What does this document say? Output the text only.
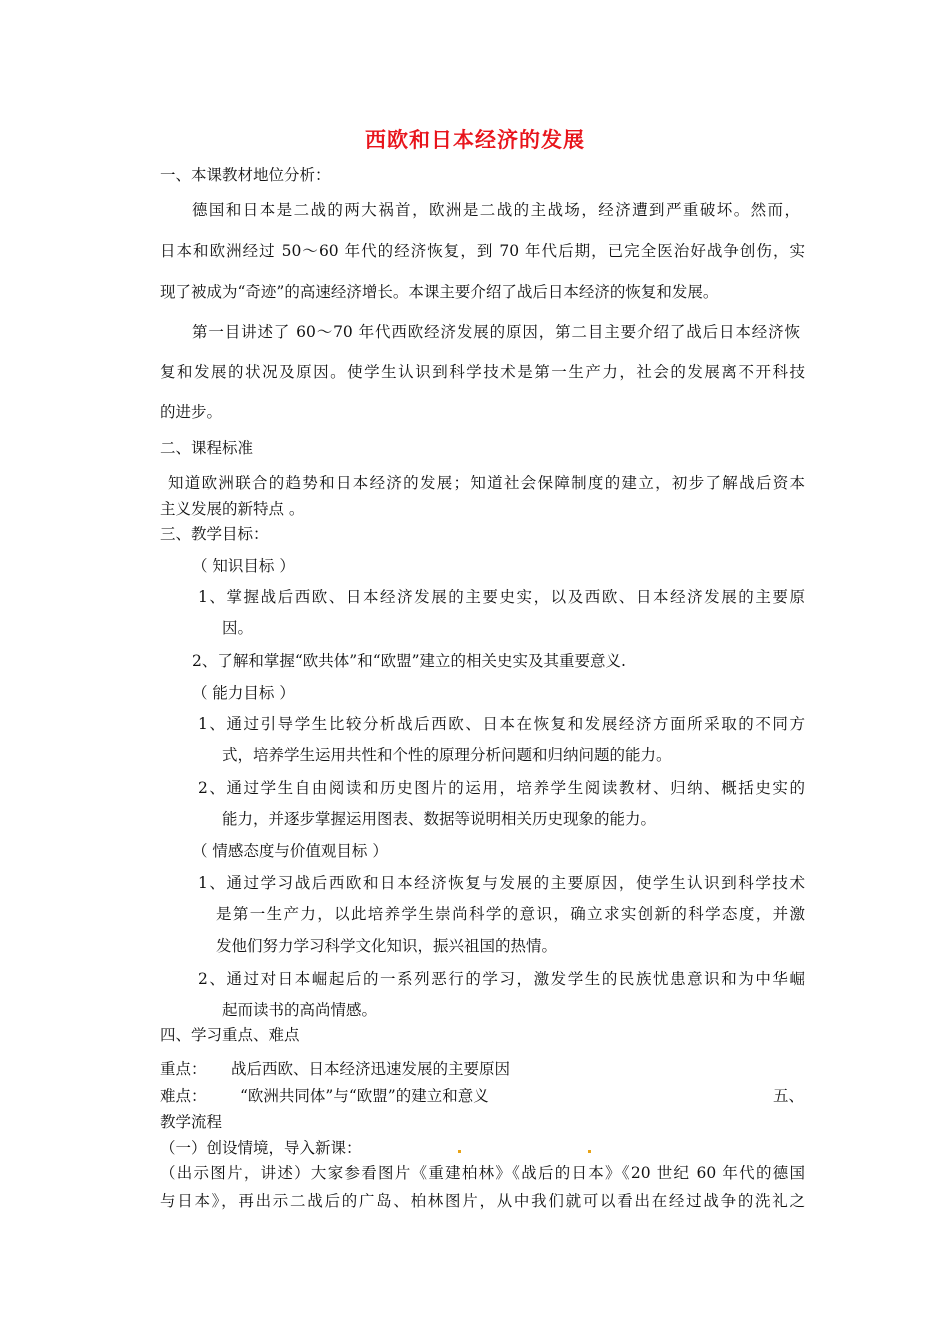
西欧和日本经济的发展
一、本课教材地位分析：
德国和日本是二战的两大祸首，欧洲是二战的主战场，经济遭到严重破坏。然而，
日本和欧洲经过 50～60 年代的经济恢复，到 70 年代后期，已完全医治好战争创伤，实
现了被成为“奇迹”的高速经济增长。本课主要介绍了战后日本经济的恢复和发展。
第一目讲述了 60～70 年代西欧经济发展的原因，第二目主要介绍了战后日本经济恢
复和发展的状况及原因。使学生认识到科学技术是第一生产力，社会的发展离不开科技
的进步。
二、课程标准
知道欧洲联合的趋势和日本经济的发展；知道社会保障制度的建立，初步了解战后资本
主义发展的新特点 。
三、教学目标：
（ 知识目标 ）
1、掌握战后西欧、日本经济发展的主要史实，以及西欧、日本经济发展的主要原
因。
2、了解和掌握“欧共体”和“欧盟”建立的相关史实及其重要意义.
（ 能力目标 ）
1、通过引导学生比较分析战后西欧、日本在恢复和发展经济方面所采取的不同方
式，培养学生运用共性和个性的原理分析问题和归纳问题的能力。
2、通过学生自由阅读和历史图片的运用，培养学生阅读教材、归纳、概括史实的
能力，并逐步掌握运用图表、数据等说明相关历史现象的能力。
（ 情感态度与价值观目标 ）
1、通过学习战后西欧和日本经济恢复与发展的主要原因，使学生认识到科学技术
是第一生产力，以此培养学生崇尚科学的意识，确立求实创新的科学态度，并激
发他们努力学习科学文化知识，振兴祖国的热情。
2、通过对日本崛起后的一系列恶行的学习，激发学生的民族忧患意识和为中华崛
起而读书的高尚情感。
四、学习重点、难点
重点： 战后西欧、日本经济迅速发展的主要原因
难点： “欧洲共同体”与“欧盟”的建立和意义	五、
教学流程
（一）创设情境，导入新课：
（出示图片，讲述）大家参看图片《重建柏林》《战后的日本》《20 世纪 60 年代的德国
与日本》，再出示二战后的广岛、柏林图片，从中我们就可以看出在经过战争的洗礼之
